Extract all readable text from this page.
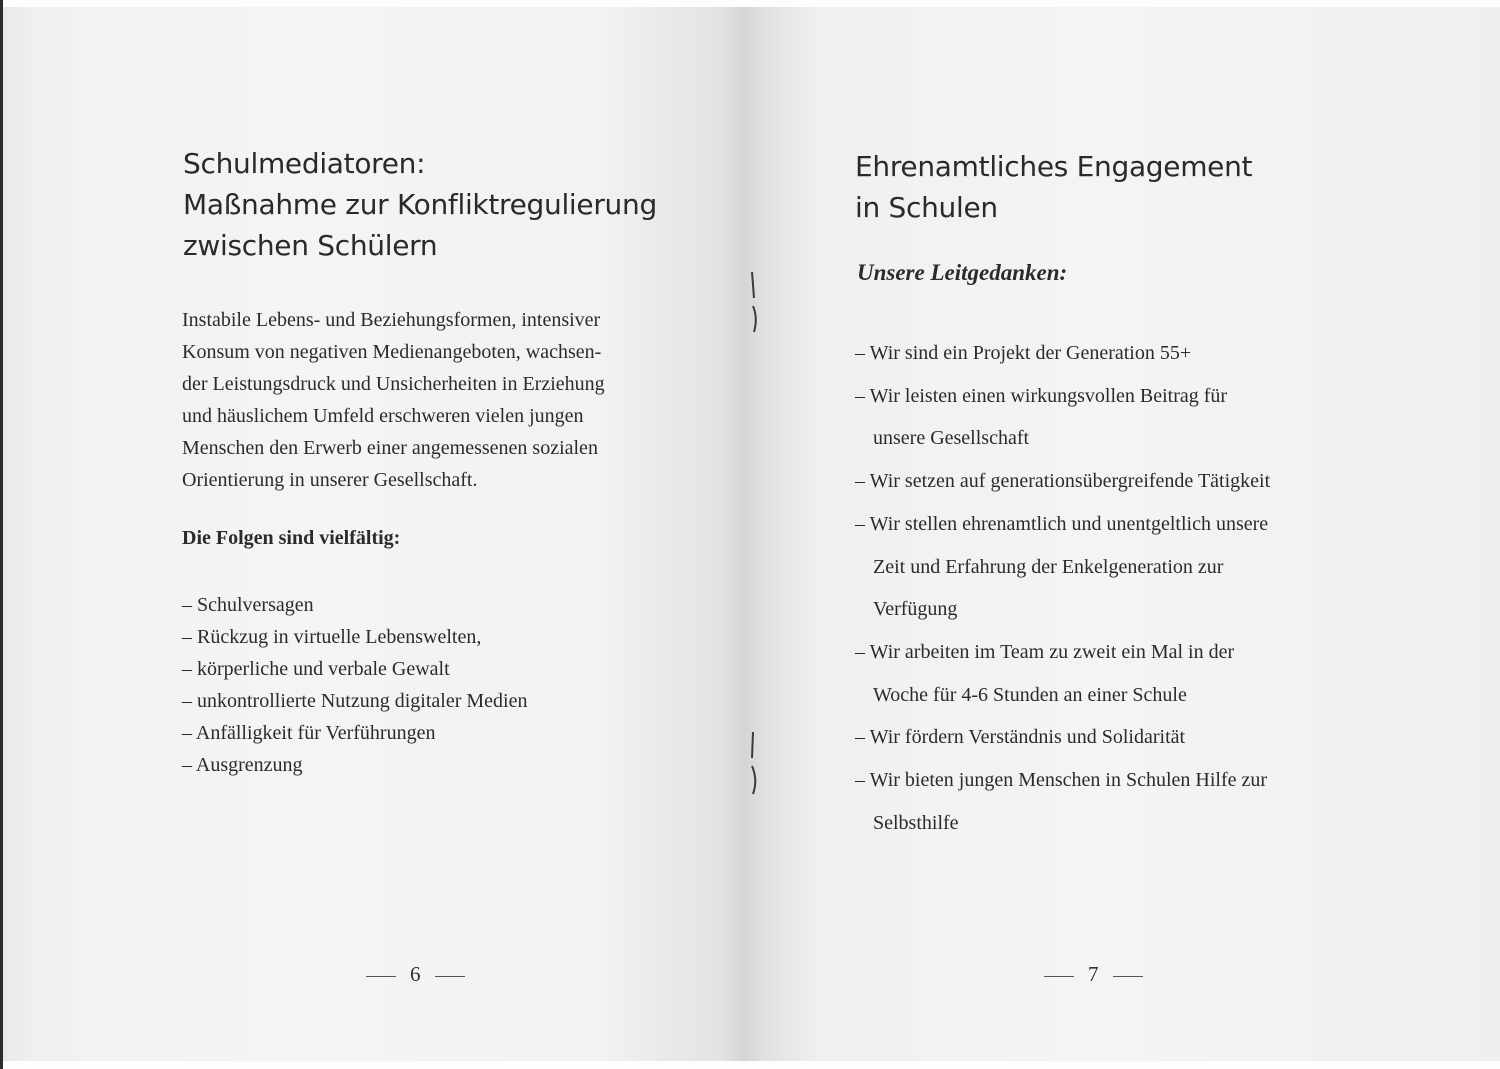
Schulmediatoren:
Maßnahme zur Konfliktregulierung
zwischen Schülern
Instabile Lebens- und Beziehungsformen, intensiver
Konsum von negativen Medienangeboten, wachsen-
der Leistungsdruck und Unsicherheiten in Erziehung
und häuslichem Umfeld erschweren vielen jungen
Menschen den Erwerb einer angemessenen sozialen
Orientierung in unserer Gesellschaft.
Die Folgen sind vielfältig:
– Schulversagen
– Rückzug in virtuelle Lebenswelten,
– körperliche und verbale Gewalt
– unkontrollierte Nutzung digitaler Medien
– Anfälligkeit für Verführungen
– Ausgrenzung
6
Ehrenamtliches Engagement
in Schulen
Unsere Leitgedanken:
– Wir sind ein Projekt der Generation 55+
– Wir leisten einen wirkungsvollen Beitrag für
unsere Gesellschaft
– Wir setzen auf generationsübergreifende Tätigkeit
– Wir stellen ehrenamtlich und unentgeltlich unsere
Zeit und Erfahrung der Enkelgeneration zur
Verfügung
– Wir arbeiten im Team zu zweit ein Mal in der
Woche für 4-6 Stunden an einer Schule
– Wir fördern Verständnis und Solidarität
– Wir bieten jungen Menschen in Schulen Hilfe zur
Selbsthilfe
7
